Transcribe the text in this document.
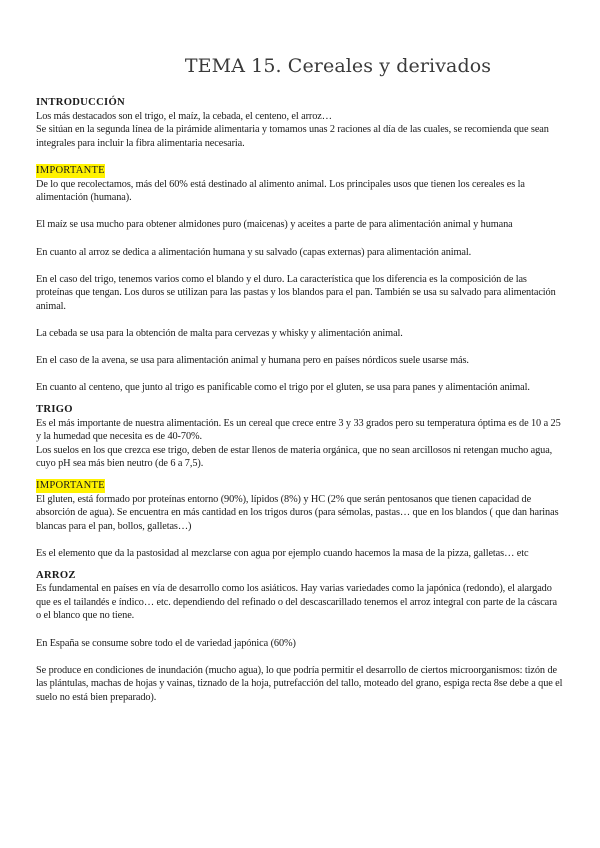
TEMA 15. Cereales y derivados
INTRODUCCIÓN
Los más destacados son el trigo, el maíz, la cebada, el centeno, el arroz…
Se sitúan en la segunda línea de la pirámide alimentaria y tomamos unas 2 raciones al día de las cuales, se recomienda que sean integrales para incluir la fibra alimentaria necesaria.
IMPORTANTE
De lo que recolectamos, más del 60% está destinado al alimento animal. Los principales usos que tienen los cereales es la alimentación (humana).
El maíz se usa mucho para obtener almidones puro (maicenas) y aceites a parte de para alimentación animal y humana
En cuanto al arroz se dedica a alimentación humana y su salvado (capas externas) para alimentación animal.
En el caso del trigo, tenemos varios como el blando y el duro. La característica que los diferencia es la composición de las proteínas que tengan. Los duros se utilizan para las pastas y los blandos para el pan. También se usa su salvado para alimentación animal.
La cebada se usa para la obtención de malta para cervezas y whisky y alimentación animal.
En el caso de la avena, se usa para alimentación animal y humana pero en países nórdicos suele usarse más.
En cuanto al centeno, que junto al trigo es panificable como el trigo por el gluten, se usa para panes y alimentación animal.
TRIGO
Es el más importante de nuestra alimentación. Es un cereal que crece entre 3 y 33 grados pero su temperatura óptima es de 10 a 25 y la humedad que necesita es de 40-70%.
Los suelos en los que crezca ese trigo, deben de estar llenos de materia orgánica, que no sean arcillosos ni retengan mucho agua, cuyo pH sea más bien neutro (de 6 a 7,5).
IMPORTANTE
El gluten, está formado por proteínas entorno (90%), lípidos (8%) y HC (2% que serán pentosanos que tienen capacidad de absorción de agua). Se encuentra en más cantidad en los trigos duros (para sémolas, pastas… que en los blandos ( que dan harinas blancas para el pan, bollos, galletas…)
Es el elemento que da la pastosidad al mezclarse con agua por ejemplo cuando hacemos la masa de la pizza, galletas… etc
ARROZ
Es fundamental en países en vía de desarrollo como los asiáticos. Hay varias variedades como la japónica (redondo), el alargado que es el tailandés e índico… etc. dependiendo del refinado o del descascarillado tenemos el arroz integral con parte de la cáscara o el blanco que no tiene.
En España se consume sobre todo el de variedad japónica (60%)
Se produce en condiciones de inundación (mucho agua), lo que podría permitir el desarrollo de ciertos microorganismos: tizón de las plántulas, machas de hojas y vainas, tiznado de la hoja, putrefacción del tallo, moteado del grano, espiga recta 8se debe a que el suelo no está bien preparado).
